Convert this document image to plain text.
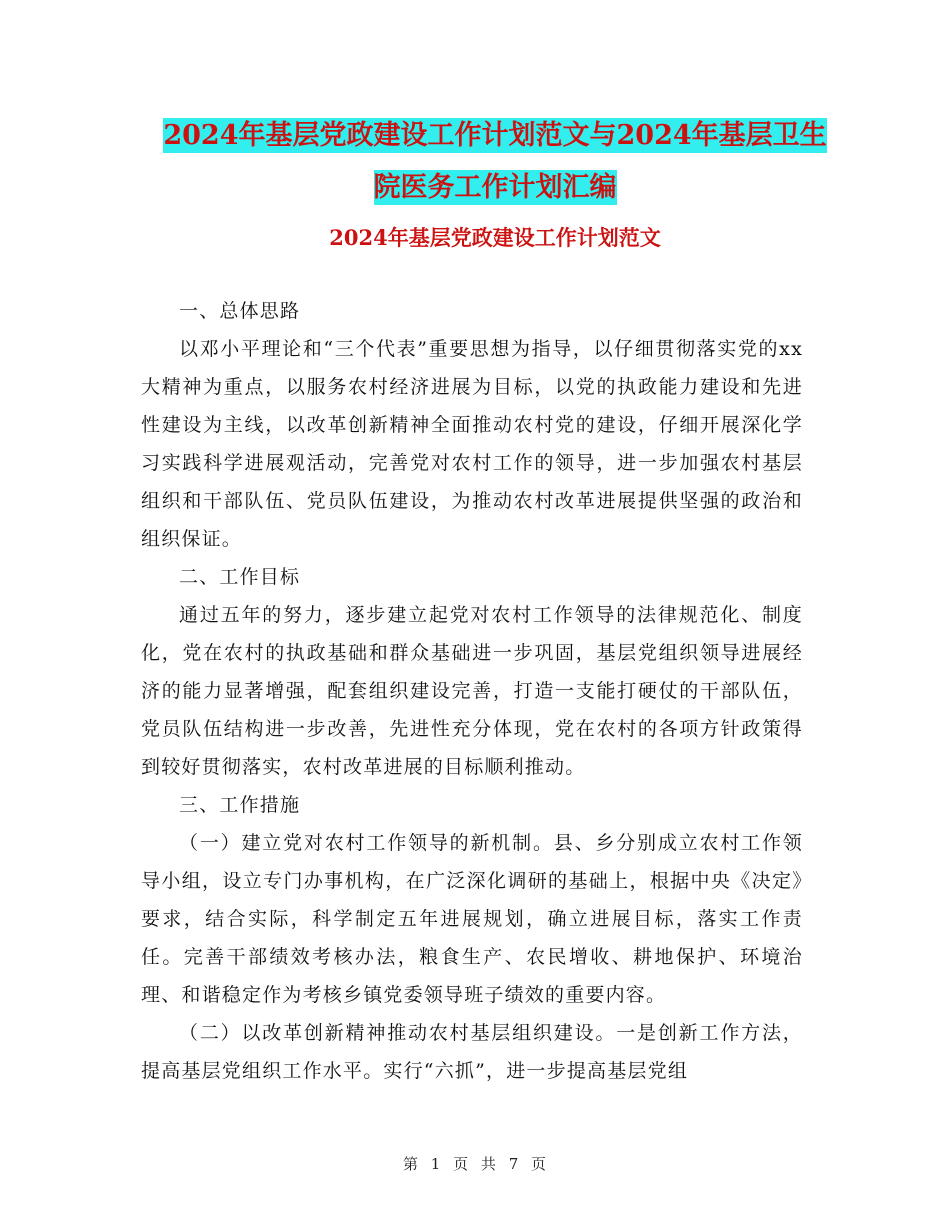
2024年基层党政建设工作计划范文与2024年基层卫生
院医务工作计划汇编
2024年基层党政建设工作计划范文

一、总体思路

以邓小平理论和“三个代表”重要思想为指导，以仔细贯彻落实党的xx大精神为重点，以服务农村经济进展为目标，以党的执政能力建设和先进性建设为主线，以改革创新精神全面推动农村党的建设，仔细开展深化学习实践科学进展观活动，完善党对农村工作的领导，进一步加强农村基层组织和干部队伍、党员队伍建设，为推动农村改革进展提供坚强的政治和组织保证。

二、工作目标

通过五年的努力，逐步建立起党对农村工作领导的法律规范化、制度化，党在农村的执政基础和群众基础进一步巩固，基层党组织领导进展经济的能力显著增强，配套组织建设完善，打造一支能打硬仗的干部队伍，党员队伍结构进一步改善，先进性充分体现，党在农村的各项方针政策得到较好贯彻落实，农村改革进展的目标顺利推动。

三、工作措施

（一）建立党对农村工作领导的新机制。县、乡分别成立农村工作领导小组，设立专门办事机构，在广泛深化调研的基础上，根据中央《决定》要求，结合实际，科学制定五年进展规划，确立进展目标，落实工作责任。完善干部绩效考核办法，粮食生产、农民增收、耕地保护、环境治理、和谐稳定作为考核乡镇党委领导班子绩效的重要内容。

（二）以改革创新精神推动农村基层组织建设。一是创新工作方法，提高基层党组织工作水平。实行“六抓”，进一步提高基层党组

第 1 页 共 7 页
